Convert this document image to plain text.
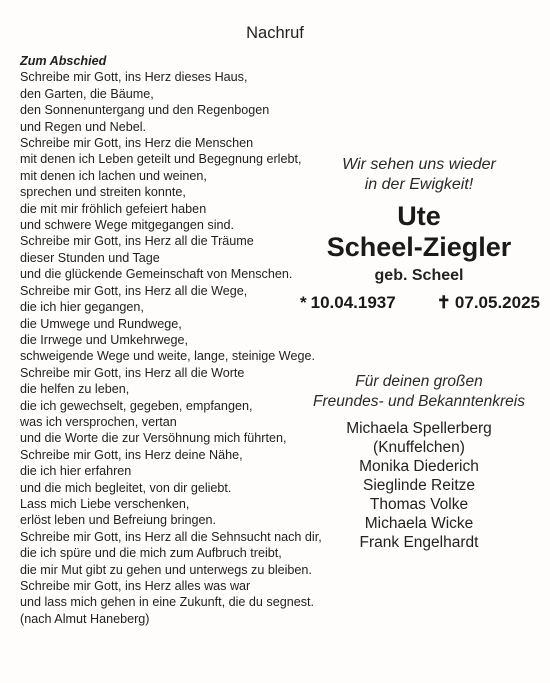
Nachruf
Zum Abschied
Schreibe mir Gott, ins Herz dieses Haus,
den Garten, die Bäume,
den Sonnenuntergang und den Regenbogen
und Regen und Nebel.
Schreibe mir Gott, ins Herz die Menschen
mit denen ich Leben geteilt und Begegnung erlebt,
mit denen ich lachen und weinen,
sprechen und streiten konnte,
die mit mir fröhlich gefeiert haben
und schwere Wege mitgegangen sind.
Schreibe mir Gott, ins Herz all die Träume
dieser Stunden und Tage
und die glückende Gemeinschaft von Menschen.
Schreibe mir Gott, ins Herz all die Wege,
die ich hier gegangen,
die Umwege und Rundwege,
die Irrwege und Umkehrwege,
schweigende Wege und weite, lange, steinige Wege.
Schreibe mir Gott, ins Herz all die Worte
die helfen zu leben,
die ich gewechselt, gegeben, empfangen,
was ich versprochen, vertan
und die Worte die zur Versöhnung mich führten,
Schreibe mir Gott, ins Herz deine Nähe,
die ich hier erfahren
und die mich begleitet, von dir geliebt.
Lass mich Liebe verschenken,
erlöst leben und Befreiung bringen.
Schreibe mir Gott, ins Herz all die Sehnsucht nach dir,
die ich spüre und die mich zum Aufbruch treibt,
die mir Mut gibt zu gehen und unterwegs zu bleiben.
Schreibe mir Gott, ins Herz alles was war
und lass mich gehen in eine Zukunft, die du segnest.
(nach Almut Haneberg)
Wir sehen uns wieder
in der Ewigkeit!
Ute
Scheel-Ziegler
geb. Scheel
* 10.04.1937 ✝ 07.05.2025
Für deinen großen
Freundes- und Bekanntenkreis
Michaela Spellerberg
(Knuffelchen)
Monika Diederich
Sieglinde Reitze
Thomas Volke
Michaela Wicke
Frank Engelhardt
